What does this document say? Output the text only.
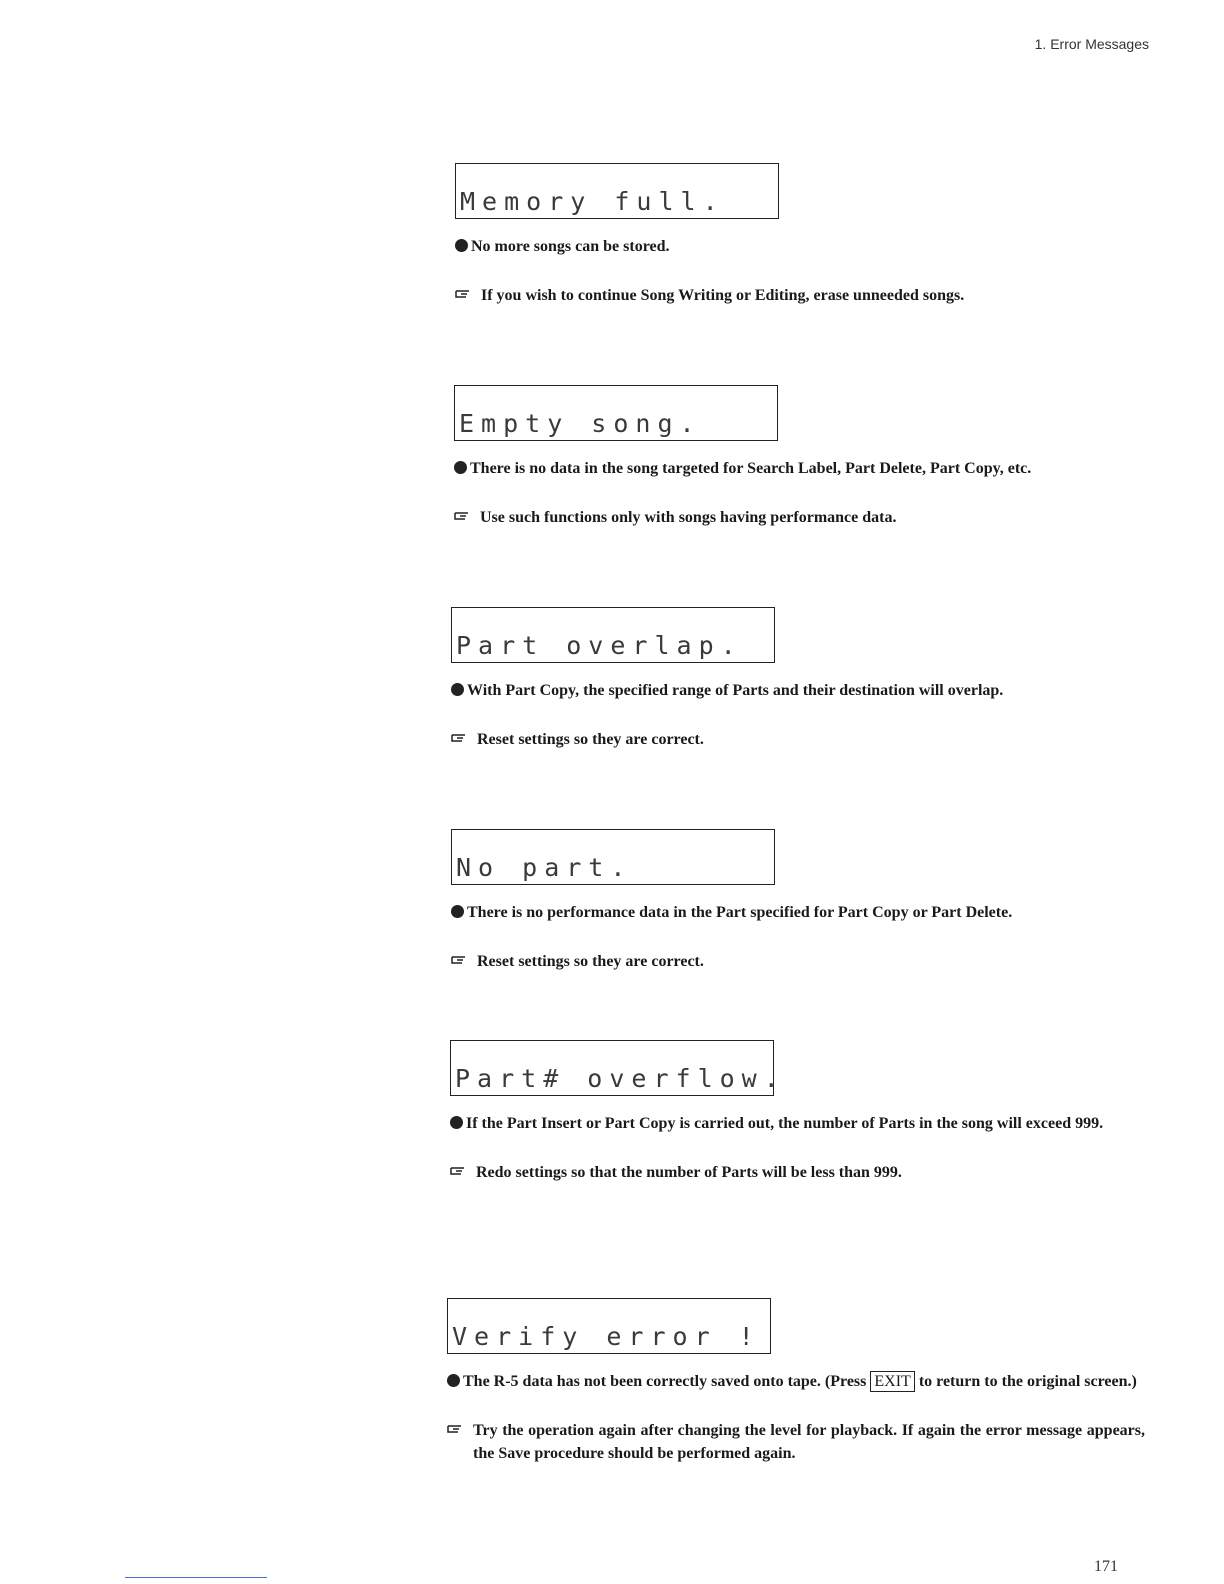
1. Error Messages
Memory full.
No more songs can be stored.
If you wish to continue Song Writing or Editing, erase unneeded songs.
Empty song.
There is no data in the song targeted for Search Label, Part Delete, Part Copy, etc.
Use such functions only with songs having performance data.
Part overlap.
With Part Copy, the specified range of Parts and their destination will overlap.
Reset settings so they are correct.
No part.
There is no performance data in the Part specified for Part Copy or Part Delete.
Reset settings so they are correct.
Part# overflow.
If the Part Insert or Part Copy is carried out, the number of Parts in the song will exceed 999.
Redo settings so that the number of Parts will be less than 999.
Verify error !
The R-5 data has not been correctly saved onto tape. (Press EXIT to return to the original screen.)
Try the operation again after changing the level for playback. If again the error message appears, the Save procedure should be performed again.
171
